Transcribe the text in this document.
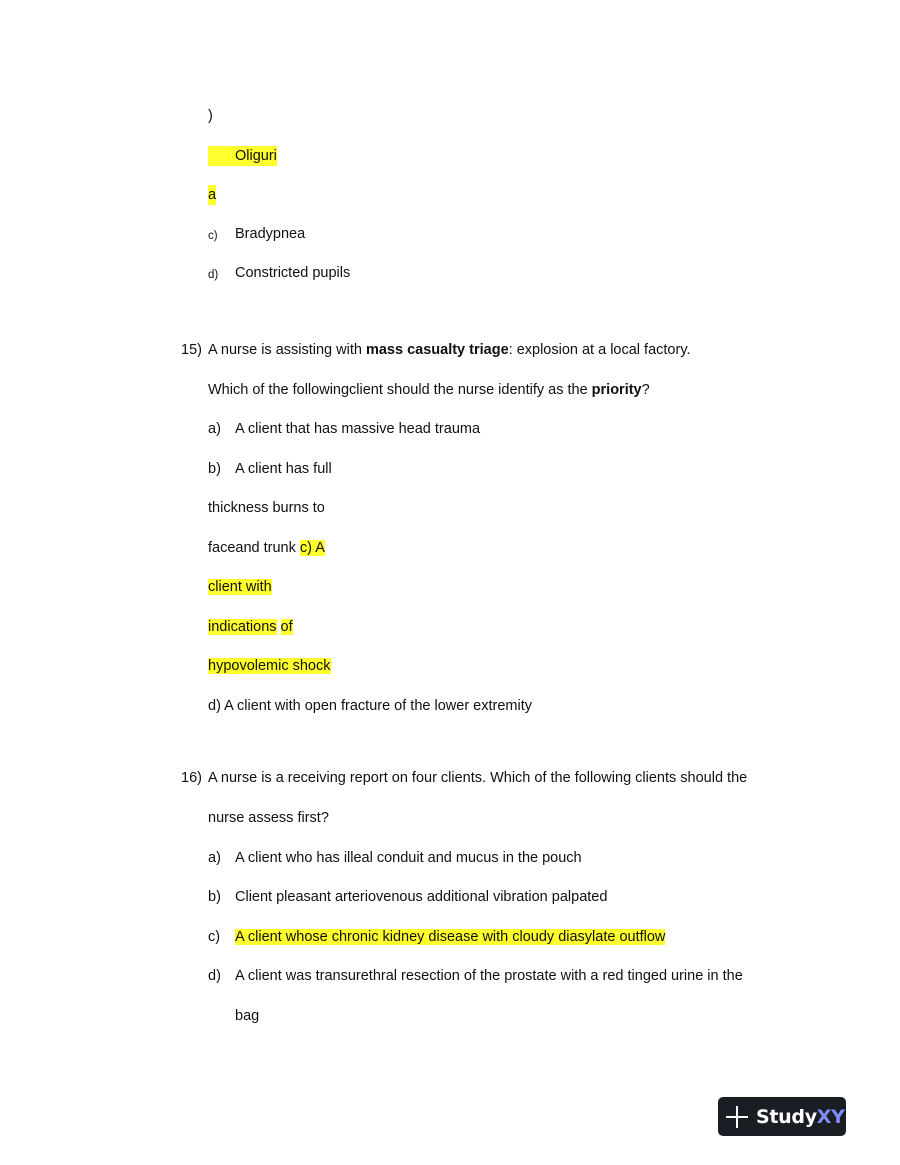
)
Oliguri
a
c) Bradypnea
d) Constricted pupils
15) A nurse is assisting with mass casualty triage: explosion at a local factory.
Which of the followingclient should the nurse identify as the priority?
a) A client that has massive head trauma
b) A client has full
thickness burns to
faceand trunk c) A
client with
indications of
hypovolemic shock
d) A client with open fracture of the lower extremity
16) A nurse is a receiving report on four clients. Which of the following clients should the
nurse assess first?
a) A client who has illeal conduit and mucus in the pouch
b) Client pleasant arteriovenous additional vibration palpated
c) A client whose chronic kidney disease with cloudy diasylate outflow
d) A client was transurethral resection of the prostate with a red tinged urine in the
bag
StudyXY
